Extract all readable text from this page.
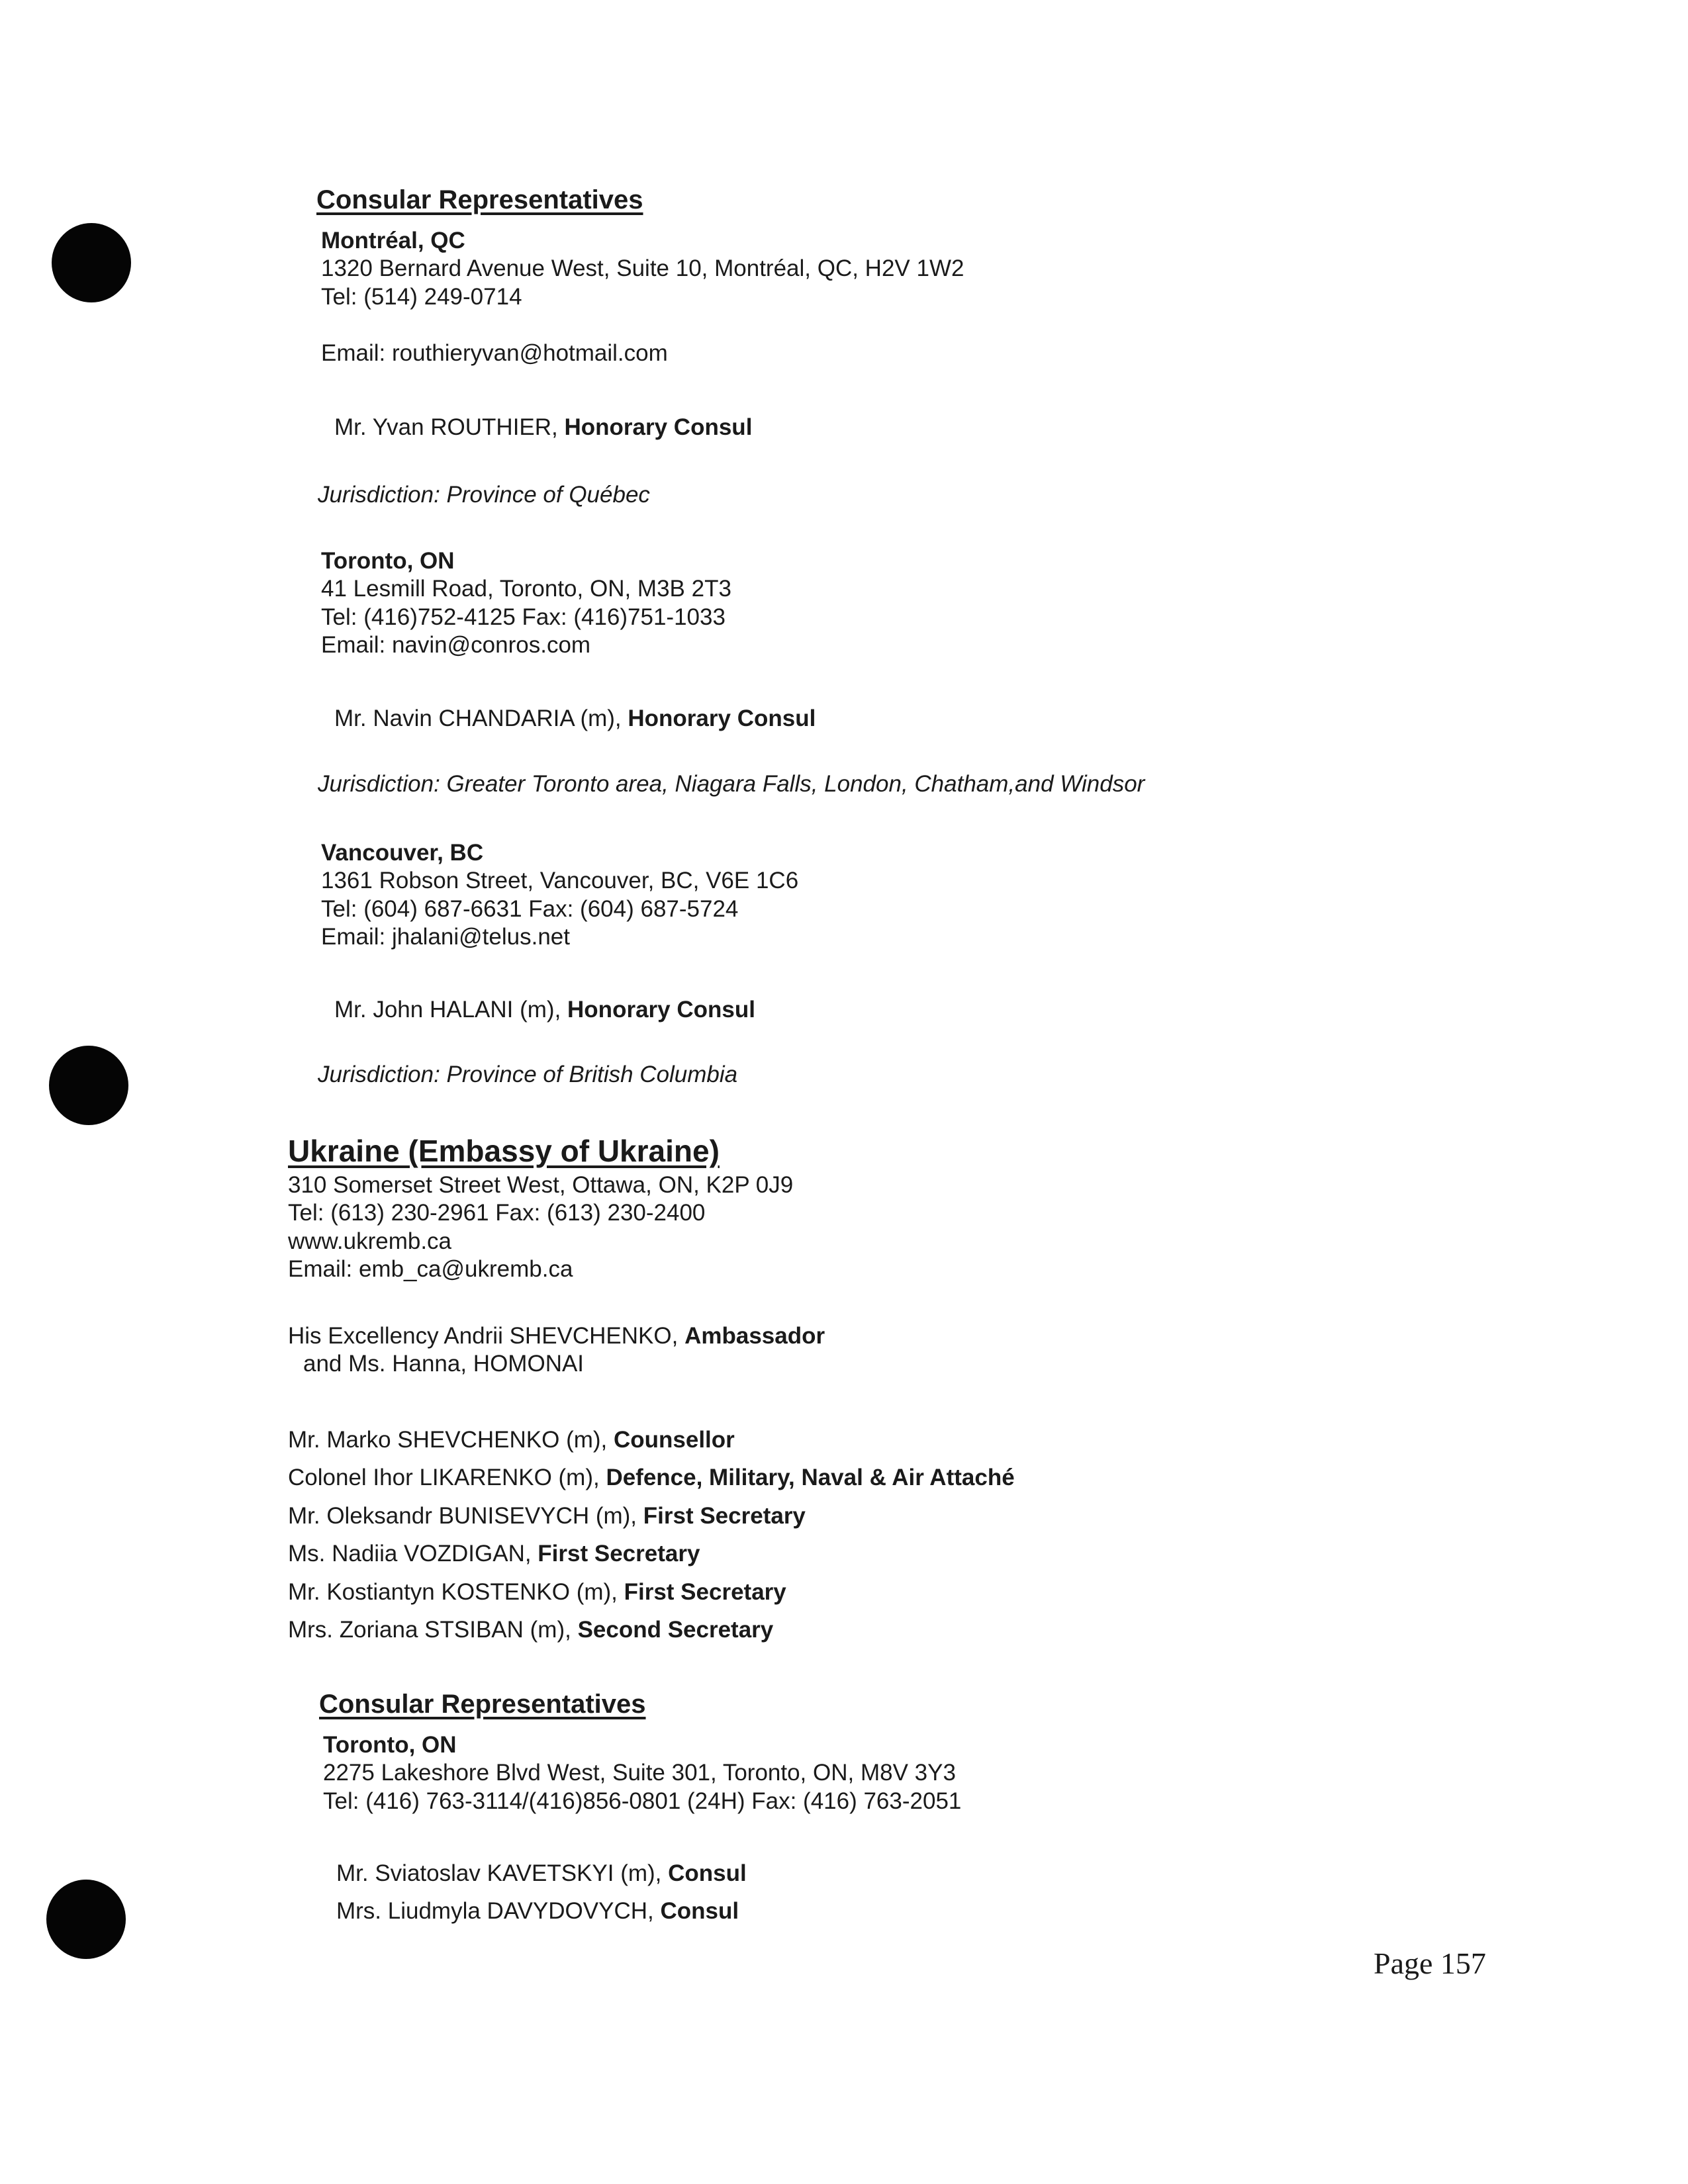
Consular Representatives
Montréal, QC
1320 Bernard Avenue West, Suite 10, Montréal, QC, H2V 1W2
Tel: (514) 249-0714
Email: routhieryvan@hotmail.com
Mr. Yvan ROUTHIER, Honorary Consul
Jurisdiction: Province of Québec
Toronto, ON
41 Lesmill Road, Toronto, ON, M3B 2T3
Tel: (416)752-4125 Fax: (416)751-1033
Email: navin@conros.com
Mr. Navin CHANDARIA (m), Honorary Consul
Jurisdiction: Greater Toronto area, Niagara Falls, London, Chatham,and Windsor
Vancouver, BC
1361 Robson Street, Vancouver, BC, V6E 1C6
Tel: (604) 687-6631 Fax: (604) 687-5724
Email: jhalani@telus.net
Mr. John HALANI (m), Honorary Consul
Jurisdiction: Province of British Columbia
Ukraine (Embassy of Ukraine)
310 Somerset Street West, Ottawa, ON, K2P 0J9
Tel: (613) 230-2961 Fax: (613) 230-2400
www.ukremb.ca
Email: emb_ca@ukremb.ca
His Excellency Andrii SHEVCHENKO, Ambassador
and Ms. Hanna, HOMONAI
Mr. Marko SHEVCHENKO (m), Counsellor
Colonel Ihor LIKARENKO (m), Defence, Military, Naval & Air Attaché
Mr. Oleksandr BUNISEVYCH (m), First Secretary
Ms. Nadiia VOZDIGAN, First Secretary
Mr. Kostiantyn KOSTENKO (m), First Secretary
Mrs. Zoriana STSIBAN (m), Second Secretary
Consular Representatives
Toronto, ON
2275 Lakeshore Blvd West, Suite 301, Toronto, ON, M8V 3Y3
Tel: (416) 763-3114/(416)856-0801 (24H) Fax: (416) 763-2051
Mr. Sviatoslav KAVETSKYI (m), Consul
Mrs. Liudmyla DAVYDOVYCH, Consul
Page 157
